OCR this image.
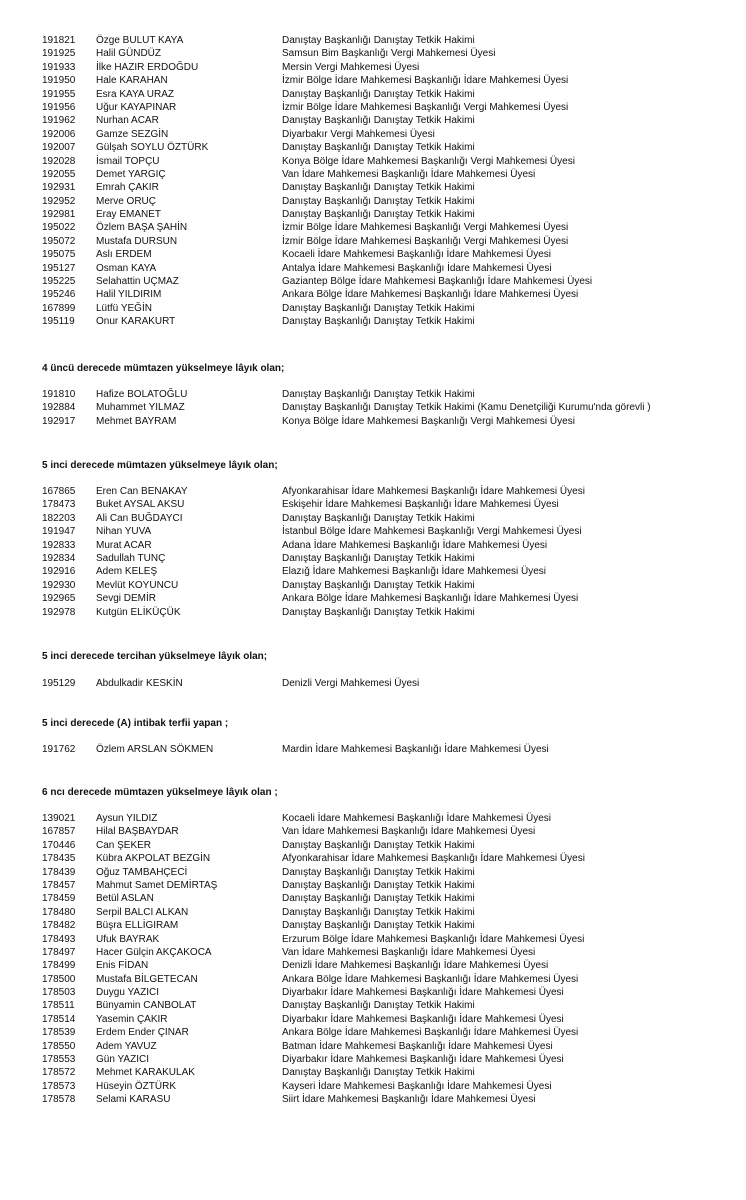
191821 Özge BULUT KAYA	Danıştay Başkanlığı Danıştay Tetkik Hakimi
191925 Halil GÜNDÜZ	Samsun Bim Başkanlığı Vergi Mahkemesi Üyesi
191933 İlke HAZIR ERDOĞDU	Mersin Vergi Mahkemesi Üyesi
191950 Hale KARAHAN	İzmir Bölge İdare Mahkemesi Başkanlığı İdare Mahkemesi Üyesi
191955 Esra KAYA URAZ	Danıştay Başkanlığı Danıştay Tetkik Hakimi
191956 Uğur KAYAPINAR	İzmir Bölge İdare Mahkemesi Başkanlığı Vergi Mahkemesi Üyesi
191962 Nurhan ACAR	Danıştay Başkanlığı Danıştay Tetkik Hakimi
192006 Gamze SEZGİN	Diyarbakır Vergi Mahkemesi Üyesi
192007 Gülşah SOYLU ÖZTÜRK	Danıştay Başkanlığı Danıştay Tetkik Hakimi
192028 İsmail TOPÇU	Konya Bölge İdare Mahkemesi Başkanlığı Vergi Mahkemesi Üyesi
192055 Demet YARGIÇ	Van İdare Mahkemesi Başkanlığı İdare Mahkemesi Üyesi
192931 Emrah ÇAKIR	Danıştay Başkanlığı Danıştay Tetkik Hakimi
192952 Merve ORUÇ	Danıştay Başkanlığı Danıştay Tetkik Hakimi
192981 Eray EMANET	Danıştay Başkanlığı Danıştay Tetkik Hakimi
195022 Özlem BAŞA ŞAHİN	İzmir Bölge İdare Mahkemesi Başkanlığı Vergi Mahkemesi Üyesi
195072 Mustafa DURSUN	İzmir Bölge İdare Mahkemesi Başkanlığı Vergi Mahkemesi Üyesi
195075 Aslı ERDEM	Kocaeli İdare Mahkemesi Başkanlığı İdare Mahkemesi Üyesi
195127 Osman KAYA	Antalya İdare Mahkemesi Başkanlığı İdare Mahkemesi Üyesi
195225 Selahattin UÇMAZ	Gaziantep Bölge İdare Mahkemesi Başkanlığı İdare Mahkemesi Üyesi
195246 Halil YILDIRIM	Ankara Bölge İdare Mahkemesi Başkanlığı İdare Mahkemesi Üyesi
167899 Lütfü YEĞİN	Danıştay Başkanlığı Danıştay Tetkik Hakimi
195119 Onur KARAKURT	Danıştay Başkanlığı Danıştay Tetkik Hakimi
4 üncü derecede mümtazen yükselmeye lâyık olan;
191810 Hafize BOLATOĞLU	Danıştay Başkanlığı Danıştay Tetkik Hakimi
192884 Muhammet YILMAZ	Danıştay Başkanlığı Danıştay Tetkik Hakimi (Kamu Denetçiliği Kurumu'nda görevli )
192917 Mehmet BAYRAM	Konya Bölge İdare Mahkemesi Başkanlığı Vergi Mahkemesi Üyesi
5 inci derecede mümtazen yükselmeye lâyık olan;
167865 Eren Can BENAKAY	Afyonkarahisar İdare Mahkemesi Başkanlığı İdare Mahkemesi Üyesi
178473 Buket AYSAL AKSU	Eskişehir İdare Mahkemesi Başkanlığı İdare Mahkemesi Üyesi
182203 Ali Can BUĞDAYCI	Danıştay Başkanlığı Danıştay Tetkik Hakimi
191947 Nihan YUVA	İstanbul Bölge İdare Mahkemesi Başkanlığı Vergi Mahkemesi Üyesi
192833 Murat ACAR	Adana İdare Mahkemesi Başkanlığı İdare Mahkemesi Üyesi
192834 Sadullah TUNÇ	Danıştay Başkanlığı Danıştay Tetkik Hakimi
192916 Adem KELEŞ	Elazığ İdare Mahkemesi Başkanlığı İdare Mahkemesi Üyesi
192930 Mevlüt KOYUNCU	Danıştay Başkanlığı Danıştay Tetkik Hakimi
192965 Sevgi DEMİR	Ankara Bölge İdare Mahkemesi Başkanlığı İdare Mahkemesi Üyesi
192978 Kutgün ELİKÜÇÜK	Danıştay Başkanlığı Danıştay Tetkik Hakimi
5 inci derecede tercihan yükselmeye lâyık olan;
195129 Abdulkadir KESKİN	Denizli Vergi Mahkemesi Üyesi
5 inci derecede (A) intibak terfii yapan ;
191762 Özlem ARSLAN SÖKMEN	Mardin İdare Mahkemesi Başkanlığı İdare Mahkemesi Üyesi
6 ncı derecede mümtazen yükselmeye lâyık olan ;
139021 Aysun YILDIZ	Kocaeli İdare Mahkemesi Başkanlığı İdare Mahkemesi Üyesi
167857 Hilal BAŞBAYDAR	Van İdare Mahkemesi Başkanlığı İdare Mahkemesi Üyesi
170446 Can ŞEKER	Danıştay Başkanlığı Danıştay Tetkik Hakimi
178435 Kübra AKPOLAT BEZGİN	Afyonkarahisar İdare Mahkemesi Başkanlığı İdare Mahkemesi Üyesi
178439 Oğuz TAMBAHÇECİ	Danıştay Başkanlığı Danıştay Tetkik Hakimi
178457 Mahmut Samet DEMİRTAŞ	Danıştay Başkanlığı Danıştay Tetkik Hakimi
178459 Betül ASLAN	Danıştay Başkanlığı Danıştay Tetkik Hakimi
178480 Serpil BALCI ALKAN	Danıştay Başkanlığı Danıştay Tetkik Hakimi
178482 Büşra ELLİGIRAM	Danıştay Başkanlığı Danıştay Tetkik Hakimi
178493 Ufuk BAYRAK	Erzurum Bölge İdare Mahkemesi Başkanlığı İdare Mahkemesi Üyesi
178497 Hacer Gülçin AKÇAKOCA	Van İdare Mahkemesi Başkanlığı İdare Mahkemesi Üyesi
178499 Enis FİDAN	Denizli İdare Mahkemesi Başkanlığı İdare Mahkemesi Üyesi
178500 Mustafa BİLGETECAN	Ankara Bölge İdare Mahkemesi Başkanlığı İdare Mahkemesi Üyesi
178503 Duygu YAZICI	Diyarbakır İdare Mahkemesi Başkanlığı İdare Mahkemesi Üyesi
178511 Bünyamin CANBOLAT	Danıştay Başkanlığı Danıştay Tetkik Hakimi
178514 Yasemin ÇAKIR	Diyarbakır İdare Mahkemesi Başkanlığı İdare Mahkemesi Üyesi
178539 Erdem Ender ÇINAR	Ankara Bölge İdare Mahkemesi Başkanlığı İdare Mahkemesi Üyesi
178550 Adem YAVUZ	Batman İdare Mahkemesi Başkanlığı İdare Mahkemesi Üyesi
178553 Gün YAZICI	Diyarbakır İdare Mahkemesi Başkanlığı İdare Mahkemesi Üyesi
178572 Mehmet KARAKULAK	Danıştay Başkanlığı Danıştay Tetkik Hakimi
178573 Hüseyin ÖZTÜRK	Kayseri İdare Mahkemesi Başkanlığı İdare Mahkemesi Üyesi
178578 Selami KARASU	Siirt İdare Mahkemesi Başkanlığı İdare Mahkemesi Üyesi
